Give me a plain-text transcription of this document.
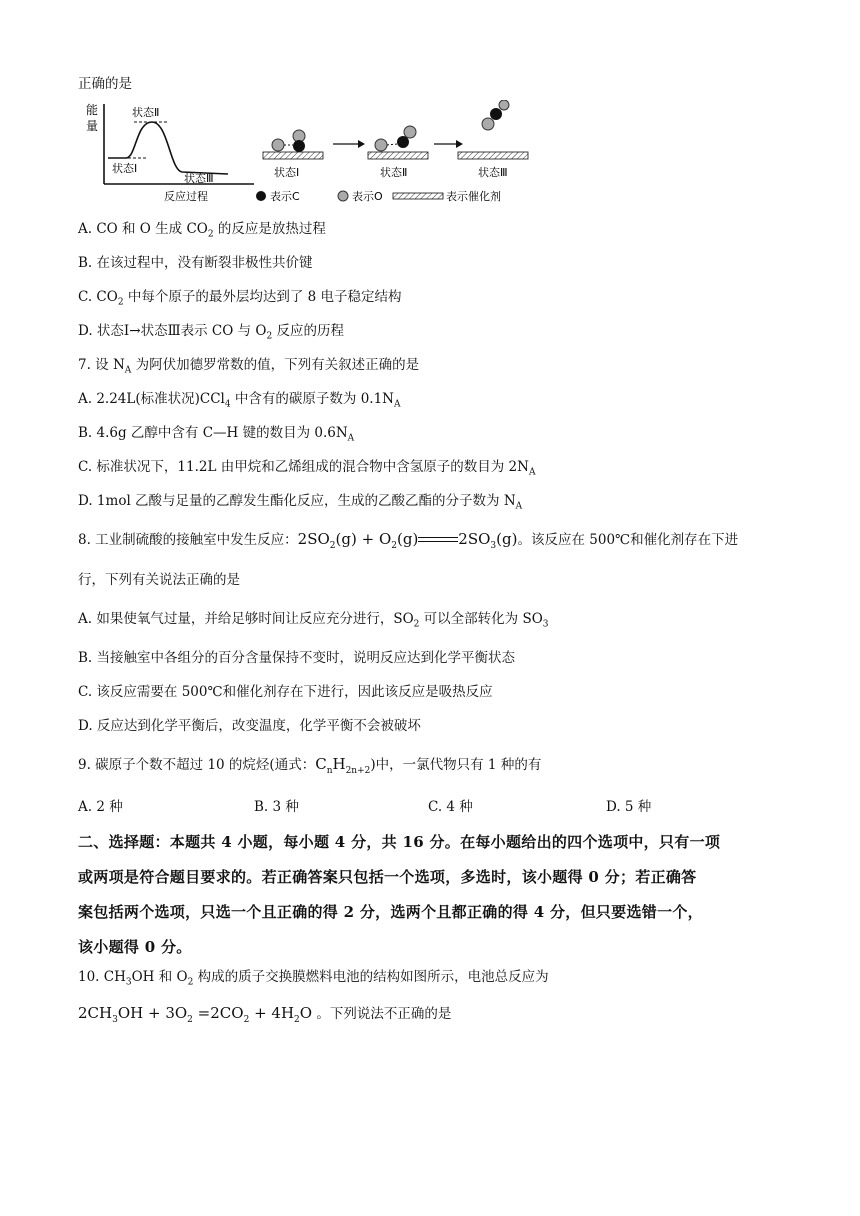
正确的是
能
量
状态Ⅱ
状态Ⅰ
状态Ⅲ
反应过程
状态Ⅰ	状态Ⅱ	状态Ⅲ
表示C	表示O	表示催化剂
A. CO 和 O 生成 $CO_2$ 的反应是放热过程
B. 在该过程中，没有断裂非极性共价键
C. $CO_2$ 中每个原子的最外层均达到了 8 电子稳定结构
D. 状态Ⅰ→状态Ⅲ表示 CO 与 $O_2$ 反应的历程
7. 设 $N_A$ 为阿伏加德罗常数的值，下列有关叙述正确的是
A. 2.24L(标准状况)CCl$_4$ 中含有的碳原子数为 $0.1N_A$
B. 4.6g 乙醇中含有 C—H 键的数目为 $0.6N_A$
C. 标准状况下，11.2L 由甲烷和乙烯组成的混合物中含氢原子的数目为 $2N_A$
D. 1mol 乙酸与足量的乙醇发生酯化反应，生成的乙酸乙酯的分子数为 $N_A$
8. 工业制硫酸的接触室中发生反应：$2SO_2(g) + O_2(g)$	$2SO_3(g)$。该反应在 500℃和催化剂存在下进
行，下列有关说法正确的是
A. 如果使氧气过量，并给足够时间让反应充分进行，$SO_2$ 可以全部转化为 $SO_3$
B. 当接触室中各组分的百分含量保持不变时，说明反应达到化学平衡状态
C. 该反应需要在 500℃和催化剂存在下进行，因此该反应是吸热反应
D. 反应达到化学平衡后，改变温度，化学平衡不会被破坏
9. 碳原子个数不超过 10 的烷烃(通式：$C_nH_{2n+2}$)中，一氯代物只有 1 种的有
A. 2 种	B. 3 种	C. 4 种	D. 5 种
二、选择题：本题共 4 小题，每小题 4 分，共 16 分。在每小题给出的四个选项中，只有一项
或两项是符合题目要求的。若正确答案只包括一个选项，多选时，该小题得 0 分；若正确答
案包括两个选项，只选一个且正确的得 2 分，选两个且都正确的得 4 分，但只要选错一个，
该小题得 0 分。
10. $CH_3OH$ 和 $O_2$ 构成的质子交换膜燃料电池的结构如图所示，电池总反应为
$2CH_3OH + 3O_2 =2CO_2 + 4H_2O$ 。下列说法不正确的是
